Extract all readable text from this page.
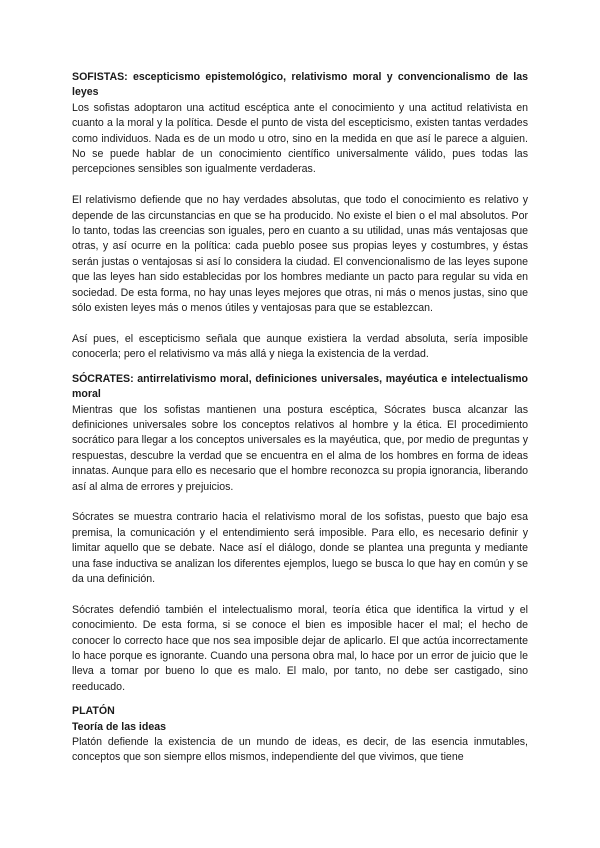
SOFISTAS: escepticismo epistemológico, relativismo moral y convencionalismo de las leyes

Los sofistas adoptaron una actitud escéptica ante el conocimiento y una actitud relativista en cuanto a la moral y la política. Desde el punto de vista del escepticismo, existen tantas verdades como individuos. Nada es de un modo u otro, sino en la medida en que así le parece a alguien. No se puede hablar de un conocimiento científico universalmente válido, pues todas las percepciones sensibles son igualmente verdaderas.

El relativismo defiende que no hay verdades absolutas, que todo el conocimiento es relativo y depende de las circunstancias en que se ha producido. No existe el bien o el mal absolutos. Por lo tanto, todas las creencias son iguales, pero en cuanto a su utilidad, unas más ventajosas que otras, y así ocurre en la política: cada pueblo posee sus propias leyes y costumbres, y éstas serán justas o ventajosas si así lo considera la ciudad. El convencionalismo de las leyes supone que las leyes han sido establecidas por los hombres mediante un pacto para regular su vida en sociedad. De esta forma, no hay unas leyes mejores que otras, ni más o menos justas, sino que sólo existen leyes más o menos útiles y ventajosas para que se establezcan.

Así pues, el escepticismo señala que aunque existiera la verdad absoluta, sería imposible conocerla; pero el relativismo va más allá y niega la existencia de la verdad.

SÓCRATES: antirrelativismo moral, definiciones universales, mayéutica e intelectualismo moral

Mientras que los sofistas mantienen una postura escéptica, Sócrates busca alcanzar las definiciones universales sobre los conceptos relativos al hombre y la ética. El procedimiento socrático para llegar a los conceptos universales es la mayéutica, que, por medio de preguntas y respuestas, descubre la verdad que se encuentra en el alma de los hombres en forma de ideas innatas. Aunque para ello es necesario que el hombre reconozca su propia ignorancia, liberando así al alma de errores y prejuicios.

Sócrates se muestra contrario hacia el relativismo moral de los sofistas, puesto que bajo esa premisa, la comunicación y el entendimiento será imposible. Para ello, es necesario definir y limitar aquello que se debate. Nace así el diálogo, donde se plantea una pregunta y mediante una fase inductiva se analizan los diferentes ejemplos, luego se busca lo que hay en común y se da una definición.

Sócrates defendió también el intelectualismo moral, teoría ética que identifica la virtud y el conocimiento. De esta forma, si se conoce el bien es imposible hacer el mal; el hecho de conocer lo correcto hace que nos sea imposible dejar de aplicarlo. El que actúa incorrectamente lo hace porque es ignorante. Cuando una persona obra mal, lo hace por un error de juicio que le lleva a tomar por bueno lo que es malo. El malo, por tanto, no debe ser castigado, sino reeducado.

PLATÓN

Teoría de las ideas

Platón defiende la existencia de un mundo de ideas, es decir, de las esencia inmutables, conceptos que son siempre ellos mismos, independiente del que vivimos, que tiene
